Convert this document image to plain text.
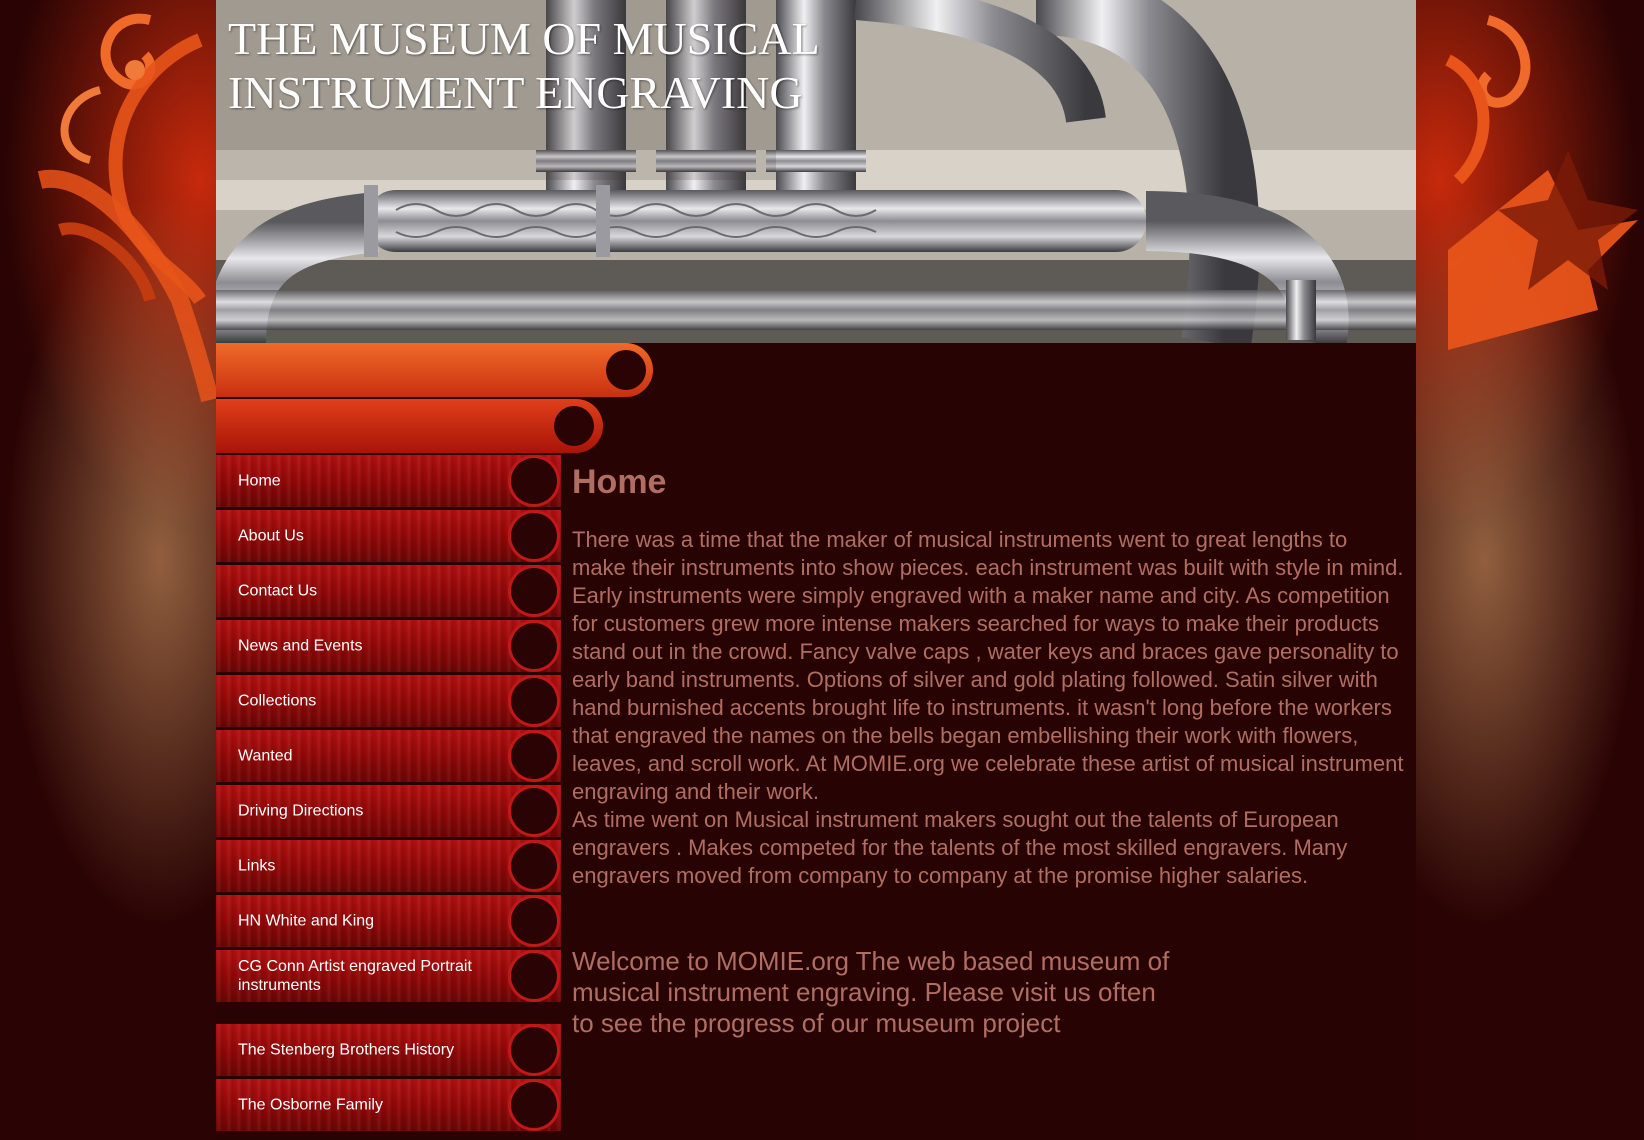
THE MUSEUM OF MUSICAL INSTRUMENT ENGRAVING
Home
About Us
Contact Us
News and Events
Collections
Wanted
Driving Directions
Links
HN White and King
CG Conn Artist engraved Portrait instruments
The Stenberg Brothers History
The Osborne Family
Home

There was a time that the maker of musical instruments went to great lengths to make their instruments into show pieces. each instrument was built with style in mind. Early instruments were simply engraved with a maker name and city. As competition for customers grew more intense makers searched for ways to make their products stand out in the crowd. Fancy valve caps , water keys and braces gave personality to early band instruments. Options of silver and gold plating followed. Satin silver with hand burnished accents brought life to instruments. it wasn't long before the workers that engraved the names on the bells began embellishing their work with flowers, leaves, and scroll work. At MOMIE.org we celebrate these artist of musical instrument engraving and their work.

As time went on Musical instrument makers sought out the talents of European engravers . Makes competed for the talents of the most skilled engravers. Many engravers moved from company to company at the promise higher salaries.

Welcome to MOMIE.org The web based museum of musical instrument engraving. Please visit us often to see the progress of our museum project
